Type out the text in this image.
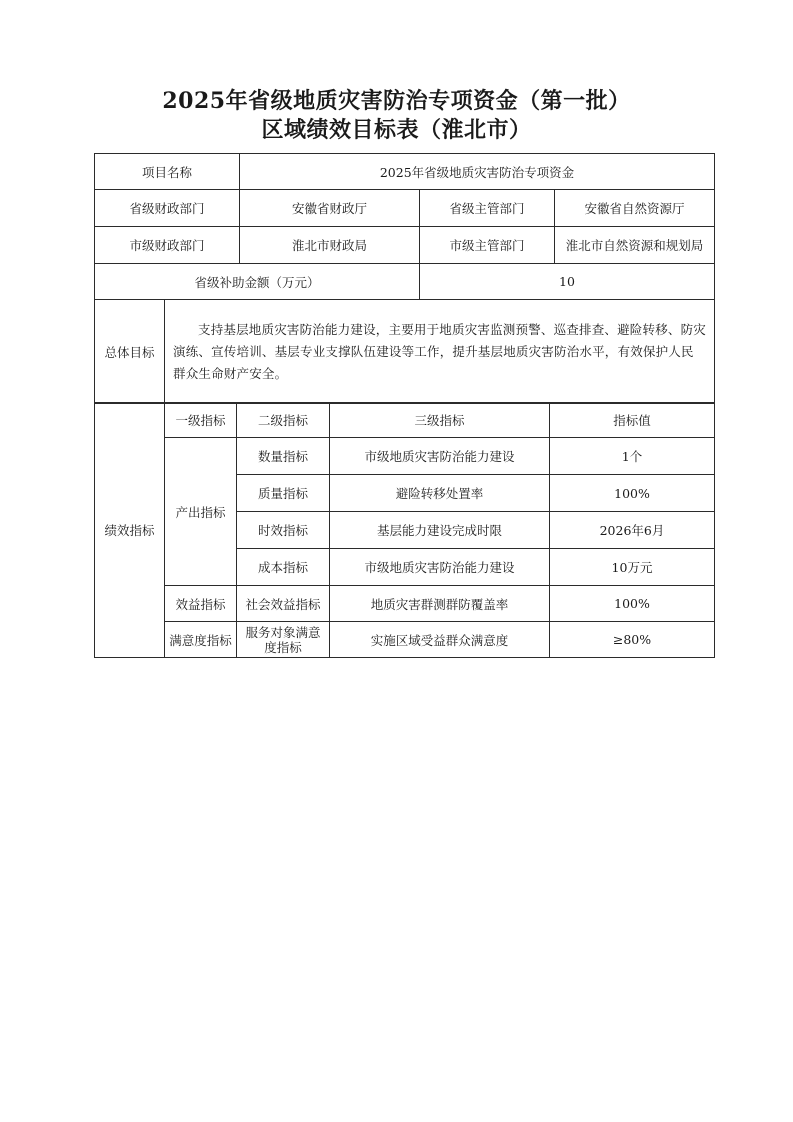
2025年省级地质灾害防治专项资金（第一批）
区域绩效目标表（淮北市）
项目名称	2025年省级地质灾害防治专项资金		
省级财政部门	安徽省财政厅	省级主管部门	安徽省自然资源厅
市级财政部门	淮北市财政局	市级主管部门	淮北市自然资源和规划局
省级补助金额（万元）		10	
总体目标	支持基层地质灾害防治能力建设，主要用于地质灾害监测预警、巡查排查、避险转移、防灾演练、宣传培训、基层专业支撑队伍建设等工作，提升基层地质灾害防治水平，有效保护人民群众生命财产安全。
绩效指标	一级指标	二级指标	三级指标	指标值
	产出指标	数量指标	市级地质灾害防治能力建设	1个
		质量指标	避险转移处置率	100%
		时效指标	基层能力建设完成时限	2026年6月
		成本指标	市级地质灾害防治能力建设	10万元
	效益指标	社会效益指标	地质灾害群测群防覆盖率	100%
	满意度指标	服务对象满意度指标	实施区域受益群众满意度	≥80%
